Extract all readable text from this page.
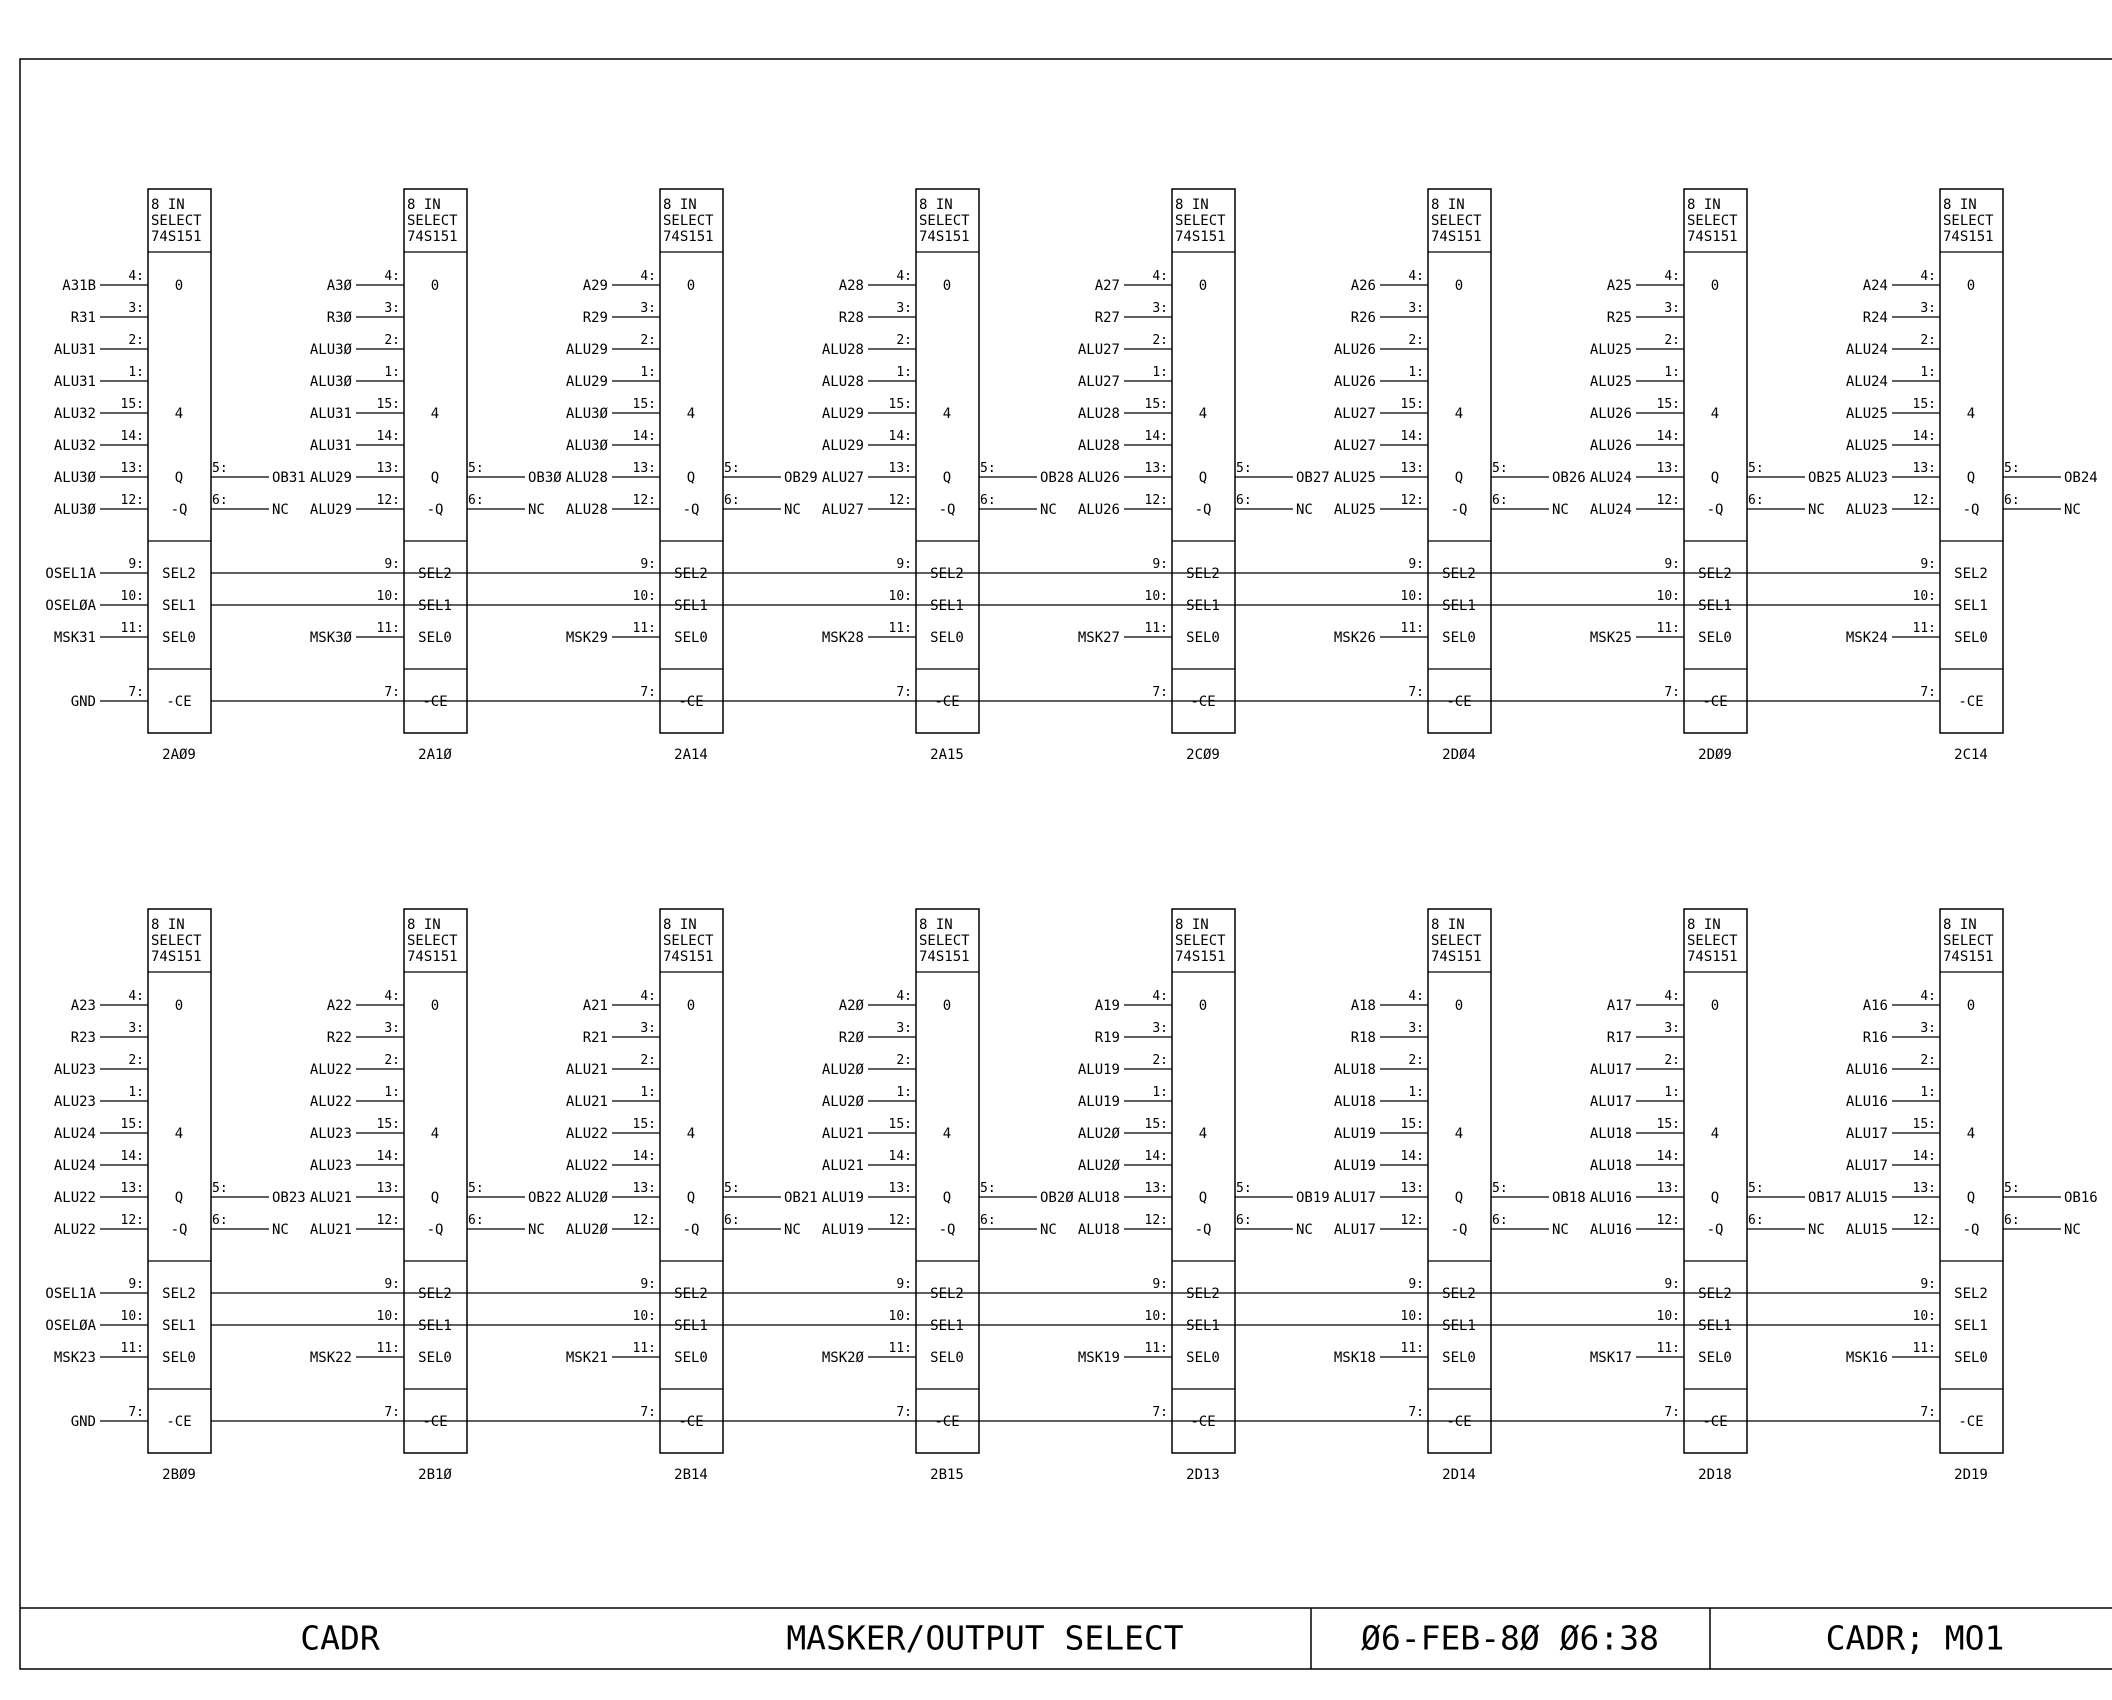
8 IN
SELECT
74S151
4:
A31B
3:
R31
2:
ALU31
1:
ALU31
15:
ALU32
14:
ALU32
13:
ALU3Ø
12:
ALU3Ø
0
4
Q
-Q
5:
6:
OB31
NC
9:
SEL2
10:
SEL1
11:
SEL0
OSEL1A
OSELØA
MSK31
GND
7:
-CE
2AØ9
8 IN
SELECT
74S151
4:
A3Ø
3:
R3Ø
2:
ALU3Ø
1:
ALU3Ø
15:
ALU31
14:
ALU31
13:
ALU29
12:
ALU29
0
4
Q
-Q
5:
6:
OB3Ø
NC
9:
SEL2
10:
SEL1
11:
SEL0
MSK3Ø
7:
-CE
2A1Ø
8 IN
SELECT
74S151
4:
A29
3:
R29
2:
ALU29
1:
ALU29
15:
ALU3Ø
14:
ALU3Ø
13:
ALU28
12:
ALU28
0
4
Q
-Q
5:
6:
OB29
NC
9:
SEL2
10:
SEL1
11:
SEL0
MSK29
7:
-CE
2A14
8 IN
SELECT
74S151
4:
A28
3:
R28
2:
ALU28
1:
ALU28
15:
ALU29
14:
ALU29
13:
ALU27
12:
ALU27
0
4
Q
-Q
5:
6:
OB28
NC
9:
SEL2
10:
SEL1
11:
SEL0
MSK28
7:
-CE
2A15
8 IN
SELECT
74S151
4:
A27
3:
R27
2:
ALU27
1:
ALU27
15:
ALU28
14:
ALU28
13:
ALU26
12:
ALU26
0
4
Q
-Q
5:
6:
OB27
NC
9:
SEL2
10:
SEL1
11:
SEL0
MSK27
7:
-CE
2CØ9
8 IN
SELECT
74S151
4:
A26
3:
R26
2:
ALU26
1:
ALU26
15:
ALU27
14:
ALU27
13:
ALU25
12:
ALU25
0
4
Q
-Q
5:
6:
OB26
NC
9:
SEL2
10:
SEL1
11:
SEL0
MSK26
7:
-CE
2DØ4
8 IN
SELECT
74S151
4:
A25
3:
R25
2:
ALU25
1:
ALU25
15:
ALU26
14:
ALU26
13:
ALU24
12:
ALU24
0
4
Q
-Q
5:
6:
OB25
NC
9:
SEL2
10:
SEL1
11:
SEL0
MSK25
7:
-CE
2DØ9
8 IN
SELECT
74S151
4:
A24
3:
R24
2:
ALU24
1:
ALU24
15:
ALU25
14:
ALU25
13:
ALU23
12:
ALU23
0
4
Q
-Q
5:
6:
OB24
NC
9:
SEL2
10:
SEL1
11:
SEL0
MSK24
7:
-CE
2C14
8 IN
SELECT
74S151
4:
A23
3:
R23
2:
ALU23
1:
ALU23
15:
ALU24
14:
ALU24
13:
ALU22
12:
ALU22
0
4
Q
-Q
5:
6:
OB23
NC
9:
SEL2
10:
SEL1
11:
SEL0
OSEL1A
OSELØA
MSK23
GND
7:
-CE
2BØ9
8 IN
SELECT
74S151
4:
A22
3:
R22
2:
ALU22
1:
ALU22
15:
ALU23
14:
ALU23
13:
ALU21
12:
ALU21
0
4
Q
-Q
5:
6:
OB22
NC
9:
SEL2
10:
SEL1
11:
SEL0
MSK22
7:
-CE
2B1Ø
8 IN
SELECT
74S151
4:
A21
3:
R21
2:
ALU21
1:
ALU21
15:
ALU22
14:
ALU22
13:
ALU2Ø
12:
ALU2Ø
0
4
Q
-Q
5:
6:
OB21
NC
9:
SEL2
10:
SEL1
11:
SEL0
MSK21
7:
-CE
2B14
8 IN
SELECT
74S151
4:
A2Ø
3:
R2Ø
2:
ALU2Ø
1:
ALU2Ø
15:
ALU21
14:
ALU21
13:
ALU19
12:
ALU19
0
4
Q
-Q
5:
6:
OB2Ø
NC
9:
SEL2
10:
SEL1
11:
SEL0
MSK2Ø
7:
-CE
2B15
8 IN
SELECT
74S151
4:
A19
3:
R19
2:
ALU19
1:
ALU19
15:
ALU2Ø
14:
ALU2Ø
13:
ALU18
12:
ALU18
0
4
Q
-Q
5:
6:
OB19
NC
9:
SEL2
10:
SEL1
11:
SEL0
MSK19
7:
-CE
2D13
8 IN
SELECT
74S151
4:
A18
3:
R18
2:
ALU18
1:
ALU18
15:
ALU19
14:
ALU19
13:
ALU17
12:
ALU17
0
4
Q
-Q
5:
6:
OB18
NC
9:
SEL2
10:
SEL1
11:
SEL0
MSK18
7:
-CE
2D14
8 IN
SELECT
74S151
4:
A17
3:
R17
2:
ALU17
1:
ALU17
15:
ALU18
14:
ALU18
13:
ALU16
12:
ALU16
0
4
Q
-Q
5:
6:
OB17
NC
9:
SEL2
10:
SEL1
11:
SEL0
MSK17
7:
-CE
2D18
8 IN
SELECT
74S151
4:
A16
3:
R16
2:
ALU16
1:
ALU16
15:
ALU17
14:
ALU17
13:
ALU15
12:
ALU15
0
4
Q
-Q
5:
6:
OB16
NC
9:
SEL2
10:
SEL1
11:
SEL0
MSK16
7:
-CE
2D19
CADR	MASKER/OUTPUT SELECT	Ø6-FEB-8Ø Ø6:38	CADR; MO1
